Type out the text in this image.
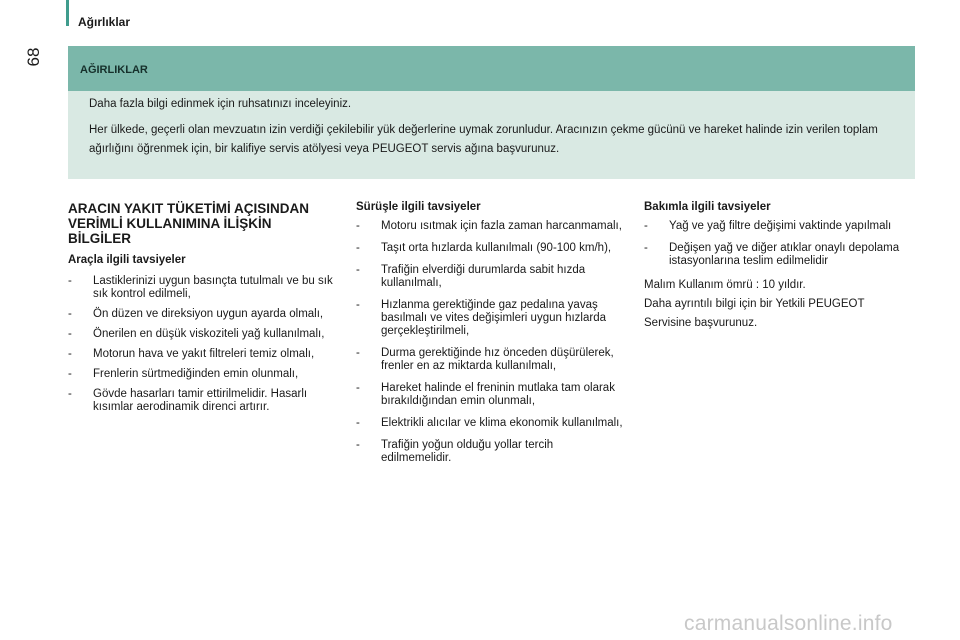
Ağırlıklar
68
AĞIRLIKLAR

Daha fazla bilgi edinmek için ruhsatınızı inceleyiniz.

Her ülkede, geçerli olan mevzuatın izin verdiği çekilebilir yük değerlerine uymak zorunludur. Aracınızın çekme gücünü ve hareket halinde izin verilen toplam ağırlığını öğrenmek için, bir kalifiye servis atölyesi veya PEUGEOT servis ağına başvurunuz.

ARACIN YAKIT TÜKETİMİ AÇISINDAN
VERİMLİ KULLANIMINA İLİŞKİN
BİLGİLER
Araçla ilgili tavsiyeler
- Lastiklerinizi uygun basınçta tutulmalı ve bu sık sık kontrol edilmeli,
- Ön düzen ve direksiyon uygun ayarda olmalı,
- Önerilen en düşük viskoziteli yağ kullanılmalı,
- Motorun hava ve yakıt filtreleri temiz olmalı,
- Frenlerin sürtmediğinden emin olunmalı,
- Gövde hasarları tamir ettirilmelidir. Hasarlı kısımlar aerodinamik direnci artırır.
Sürüşle ilgili tavsiyeler
- Motoru ısıtmak için fazla zaman harcanmamalı,
- Taşıt orta hızlarda kullanılmalı (90-100 km/h),
- Trafiğin elverdiği durumlarda sabit hızda kullanılmalı,
- Hızlanma gerektiğinde gaz pedalına yavaş basılmalı ve vites değişimleri uygun hızlarda gerçekleştirilmeli,
- Durma gerektiğinde hız önceden düşürülerek, frenler en az miktarda kullanılmalı,
- Hareket halinde el freninin mutlaka tam olarak bırakıldığından emin olunmalı,
- Elektrikli alıcılar ve klima ekonomik kullanılmalı,
- Trafiğin yoğun olduğu yollar tercih edilmemelidir.
Bakımla ilgili tavsiyeler
- Yağ ve yağ filtre değişimi vaktinde yapılmalı
- Değişen yağ ve diğer atıklar onaylı depolama istasyonlarına teslim edilmelidir

Malım Kullanım ömrü : 10 yıldır.

Daha ayrıntılı bilgi için bir Yetkili PEUGEOT

Servisine başvurunuz.

carmanualsonline.info
